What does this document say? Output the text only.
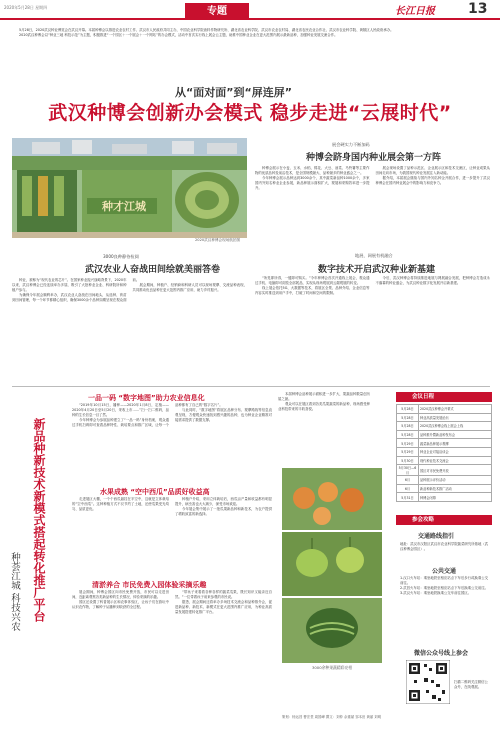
2020年5月28日 星期四	专题	长江日报 13

5月28日，2020武汉种业博览会在武汉开幕。本届种博会以推进农业农村工作、武汉市人民政府共同主办，中国农业科学院油料作物研究所、湖北省农业科学院、武汉市农业农村局、湖北省农民农业合作社、武汉市农业科学院、黄陂区人民政府承办。

2020武汉种博会以“种业三地 科技示范”为主题，积极推进“一个园区＋一个展会＋一个网站”的办会模式，活动中首次实行线上展会云主题，助推中国种业企业在更大范围内展示最新品种，加强种业发展交流合作。

从“面对面”到“屏连屏”
武汉种博会创新办会模式 稳步走进“云展时代”
种才江城
2020武汉种博会现场航拍图
展会硬实力不断加码
种博会跻身国内种业展会第一方阵

种博会展示在小麦、玉米、水稻、棉花、大豆、油菜、马铃薯等主要作物的优质品种及前沿技术，是全国规模最大、品种最多的种业盛会之一。

今年种博会展示品种达到3000余个，其中蔬菜新品种1000余个，多家国内外知名种业企业参展，新品种展示面积扩大，观展和采购效率进一步提升。

展会现场设置了品种示范区、企业展示区和技术交流区，让种业成果从田间走向市场，为我国现代种业发展注入新动能。

据介绍，本届展会继续与国内外知名种企开展合作，进一步提升了武汉种博会在国内种业展会中的影响力和竞争力。

地展、网展有机融合
数字技术开启武汉种业新基建

“所见即所得，一键即可购买。”今年种博会首次开通线上展会，观众通过手机、电脑即可浏览全部展品，实现从现场观展到云端观展的转变。

线上展会依托5G、大数据等技术，将展区全景、品种介绍、企业信息等内容实时推送到用户手中，打破了时间和空间的限制。

今后，武汉种博会将持续推进地展与网展融合发展，把种博会打造成永不落幕的种业盛会，为武汉种业数字化发展开启新基建。

3000良种静待检阅
武汉农业人奋战田间绘就美丽答卷

种业，被称为“现代农业的芯片”。在国家种业振兴战略背景下，2020年以来，武汉种博会已经连续举办多届，吸引了大批种业企业、科研院所和种植户参与。

为确保今年展会顺利举办，武汉农业人奋战在田间地头，从选种、育苗到田间管理，每一个环节都精心组织，确保3000余个品种如期呈现在观众面前。

展会期间，种植户、经销商和科研人员可以现场观摩、交流品种表现，共同推动优良品种在更大范围内推广应用，助力乡村振兴。

新品种新技术新模式搭起转化推广平台
种荟江城 科技兴农
一品一码 “数字地图”助力农业信息化

“2019年10月15日，播种——2020年1月8日，定植——2020年4月20日至5月20日，采收上市……”扫一扫二维码，品种的生长信息一目了然。

今年种博会为参展品种建立了“一品一码”身份档案，观众通过手机扫码即可查看品种特性、栽培要点和推广区域，让每一个品种都有了自己的“数字名片”。

与此同时，“数字地图”将展区品种分布、观摩路线等信息直观呈现，方便观众快速找到感兴趣的品种，也为种业企业精准对接需求提供了数据支撑。

水果成熟 “空中西瓜”品质好收益高

走进展区大棚，一个个西瓜悬挂在半空中，这就是立体栽培的“空中西瓜”。这种种植方式不仅节约了土地，还使瓜果受光均匀、品质更优。

种植户介绍，采用立体栽培后，西瓜亩产量和收益都有明显提升，病虫害也大大减少，深受市场欢迎。

今年展会集中展示了一批瓜果新品种和新技术，为农户提供了增收致富的新选择。

清淤养合 市民免费入园体验采摘乐趣

展会期间，种博会园区向市民免费开放，市民可以走进田间，近距离观察各类新品种的生长情况，体验采摘的乐趣。

园区还设置了科普展示区和农事体验区，让孩子们在游玩中认识农作物，了解种子从播种到收获的全过程。

“带孩子来看看各种各样的蔬菜瓜果，既长知识又能亲近自然。”一位带着孩子前来参观的市民说。

据悉，展会期间还将举办多场技术交流会和品种推介会，促进新品种、新技术、新模式在更大范围内推广应用，为种业高质量发展搭建转化推广平台。

本届种博会品种展示面积进一步扩大，果蔬品种数量创历届之最。

观众可以在展区看到各类瓜果蔬菜的新品种，现场感受种业科技带来的丰收喜悦。

3000余种果蔬精彩亮相
策划：杨运昌 曹宏堂 周国峰 撰文：刘仲 余重斌 邹本田 黄丽 刘明
会议日程
5月28日	2020武汉种博会开幕式
5月28日	种业高质量发展论坛
5月28日	2020武汉种博会线上展会上线
5月28日	品种推介暨新品种发布会
5月29日	蔬菜新品种展示观摩
5月29日	种业企业对接洽谈会
5月30日	现代种业技术交流会
5月30日—6月	园区对市民免费开放
6月	品种展示评价活动
6月	新品种新技术推广活动
5月31日	种博会闭幕
参会攻略
交通路线指引
地址：武汉市汉阳区武汉市农业科学院蔬菜研究所基地（武汉种博会园区）。
公共交通
1.汉口火车站：乘坐地铁至相应站点下车后步行或换乘公交前往。
2.武昌火车站：乘坐地铁至相应站点下车后换乘公交前往。
3.武汉火车站：乘坐地铁换乘公交车前往园区。
微信公众号线上参会
扫描二维码关注微信公众号，在线观展。
